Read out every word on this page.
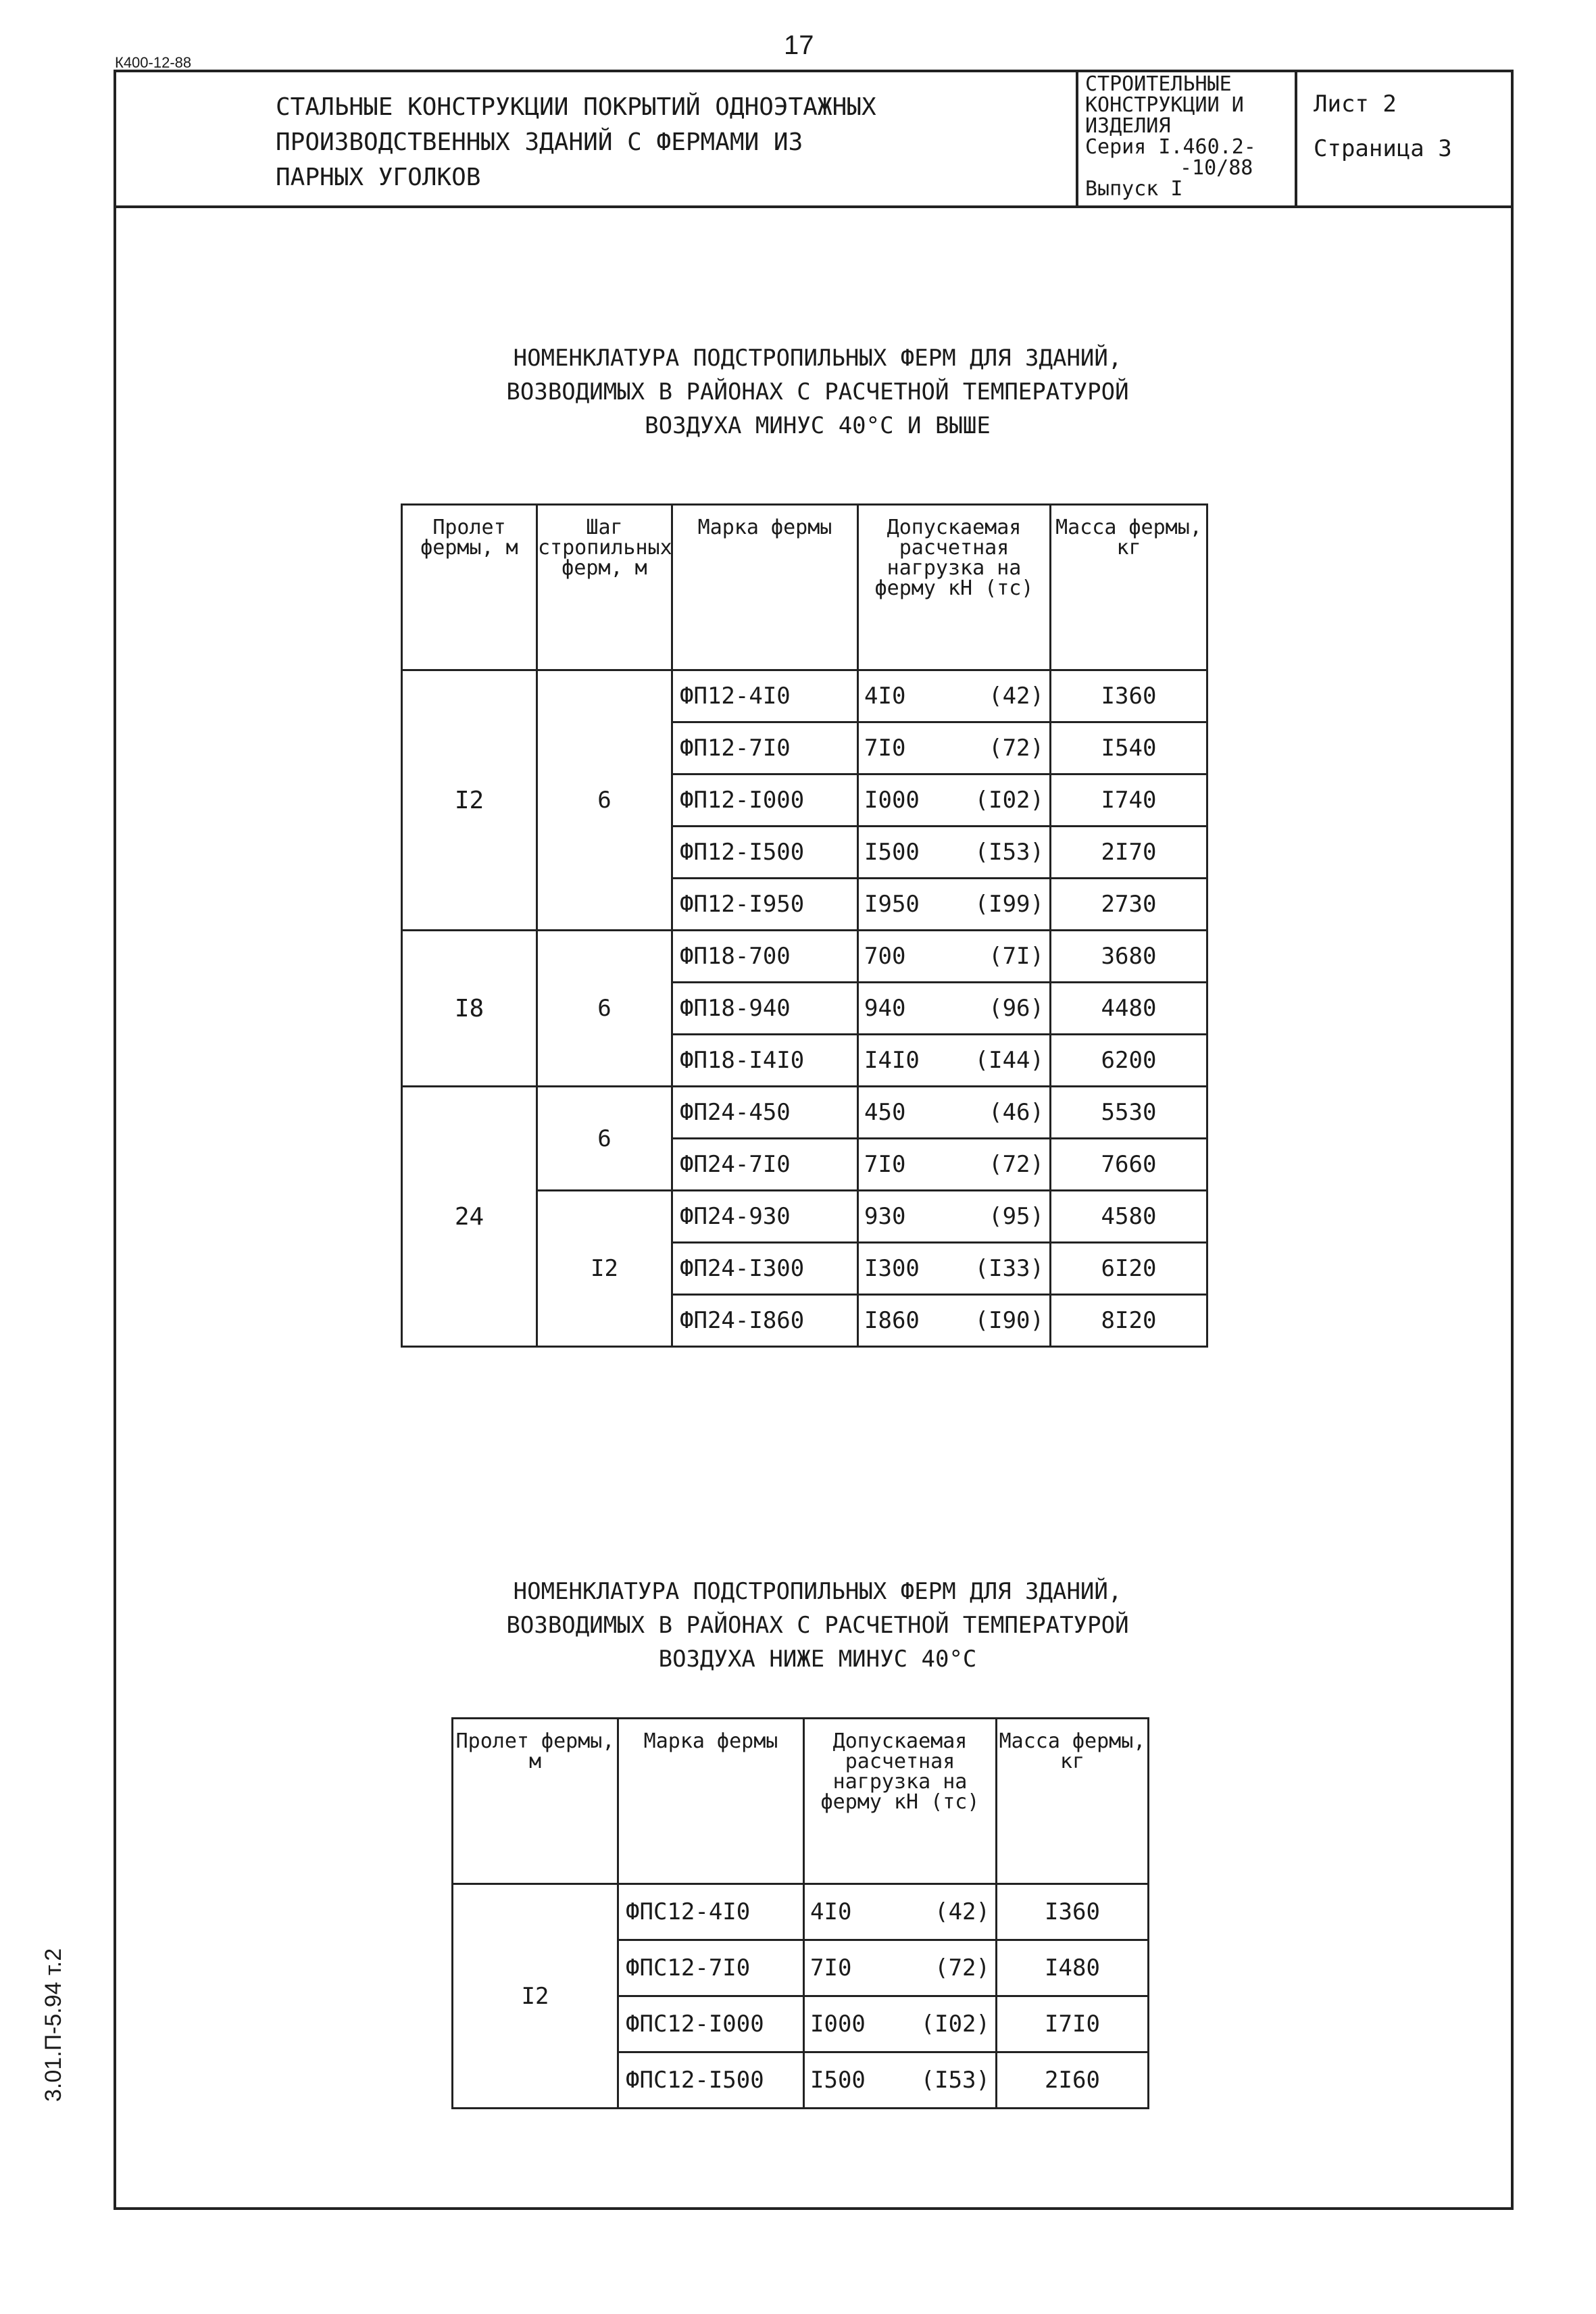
К400-12-88
17
3.01.П-5.94 т.2
СТАЛЬНЫЕ КОНСТРУКЦИИ ПОКРЫТИЙ ОДНОЭТАЖНЫХ
ПРОИЗВОДСТВЕННЫХ ЗДАНИЙ С ФЕРМАМИ ИЗ
ПАРНЫХ УГОЛКОВ
СТРОИТЕЛЬНЫЕ
КОНСТРУКЦИИ И
ИЗДЕЛИЯ
Серия I.460.2-
-10/88
Выпуск I
Лист 2
Страница 3
НОМЕНКЛАТУРА ПОДСТРОПИЛЬНЫХ ФЕРМ ДЛЯ ЗДАНИЙ,
ВОЗВОДИМЫХ В РАЙОНАХ С РАСЧЕТНОЙ ТЕМПЕРАТУРОЙ
ВОЗДУХА МИНУС 40°С И ВЫШЕ
Пролет фермы, м	Шаг стропильных ферм, м	Марка фермы	Допускаемая расчетная нагрузка на ферму кН (тс)	Масса фермы, кг
I2	6	ФП12-4I0	4I0 (42)	I360
		ФП12-7I0	7I0 (72)	I540
		ФП12-I000	I000 (I02)	I740
		ФП12-I500	I500 (I53)	2I70
		ФП12-I950	I950 (I99)	2730
I8	6	ФП18-700	700 (7I)	3680
		ФП18-940	940 (96)	4480
		ФП18-I4I0	I4I0 (I44)	6200
24	6	ФП24-450	450 (46)	5530
		ФП24-7I0	7I0 (72)	7660
	I2	ФП24-930	930 (95)	4580
		ФП24-I300	I300 (I33)	6I20
		ФП24-I860	I860 (I90)	8I20
НОМЕНКЛАТУРА ПОДСТРОПИЛЬНЫХ ФЕРМ ДЛЯ ЗДАНИЙ,
ВОЗВОДИМЫХ В РАЙОНАХ С РАСЧЕТНОЙ ТЕМПЕРАТУРОЙ
ВОЗДУХА НИЖЕ МИНУС 40°С
Пролет фермы, м	Марка фермы	Допускаемая расчетная нагрузка на ферму кН (тс)	Масса фермы, кг
I2	ФПС12-4I0	4I0 (42)	I360
	ФПС12-7I0	7I0 (72)	I480
	ФПС12-I000	I000 (I02)	I7I0
	ФПС12-I500	I500 (I53)	2I60
